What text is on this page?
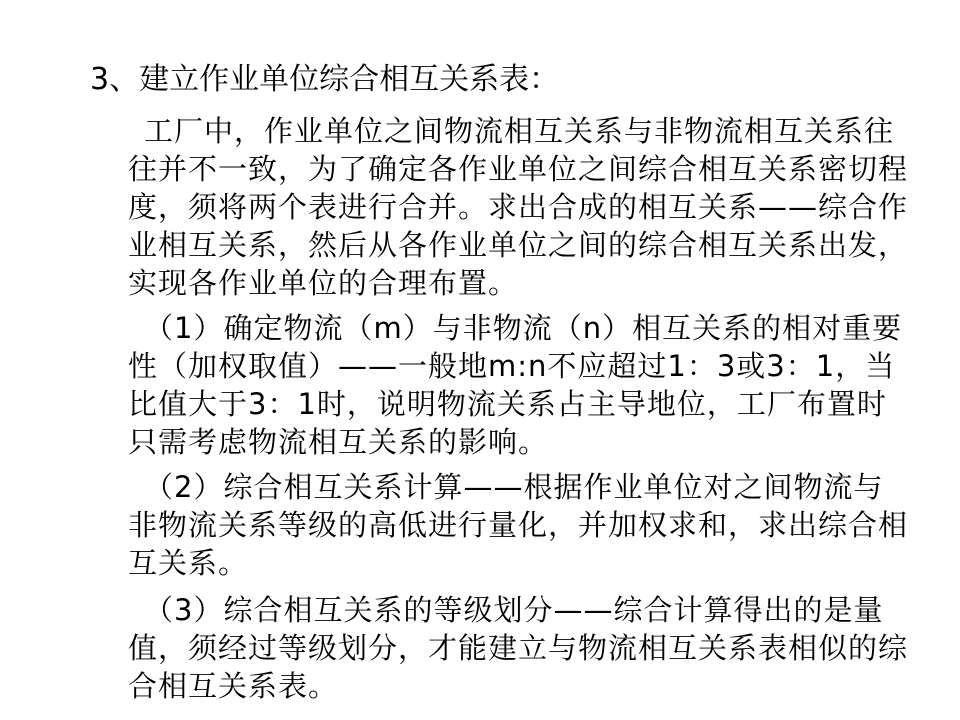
3、建立作业单位综合相互关系表：

工厂中，作业单位之间物流相互关系与非物流相互关系往往并不一致，为了确定各作业单位之间综合相互关系密切程度，须将两个表进行合并。求出合成的相互关系——综合作业相互关系，然后从各作业单位之间的综合相互关系出发，实现各作业单位的合理布置。

（1）确定物流（m）与非物流（n）相互关系的相对重要性（加权取值）——一般地m:n不应超过1：3或3：1，当比值大于3：1时，说明物流关系占主导地位，工厂布置时只需考虑物流相互关系的影响。

（2）综合相互关系计算——根据作业单位对之间物流与非物流关系等级的高低进行量化，并加权求和，求出综合相互关系。

（3）综合相互关系的等级划分——综合计算得出的是量值，须经过等级划分，才能建立与物流相互关系表相似的综合相互关系表。
